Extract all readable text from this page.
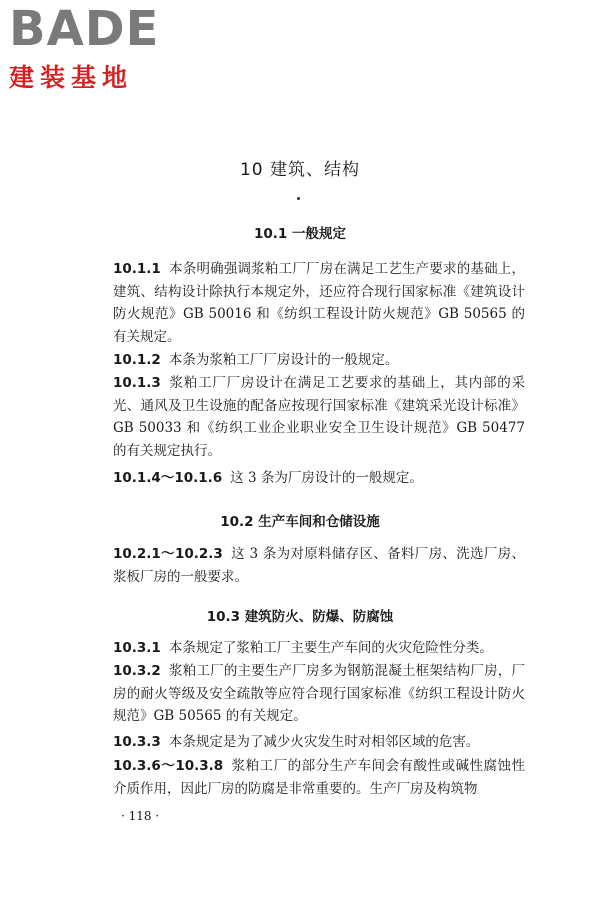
BADE
建装基地
10 建筑、结构
10.1 一般规定

10.1.1 本条明确强调浆粕工厂厂房在满足工艺生产要求的基础上，建筑、结构设计除执行本规定外，还应符合现行国家标准《建筑设计防火规范》GB 50016 和《纺织工程设计防火规范》GB 50565 的有关规定。

10.1.2 本条为浆粕工厂厂房设计的一般规定。

10.1.3 浆粕工厂厂房设计在满足工艺要求的基础上，其内部的采光、通风及卫生设施的配备应按现行国家标准《建筑采光设计标准》GB 50033 和《纺织工业企业职业安全卫生设计规范》GB 50477 的有关规定执行。

10.1.4～10.1.6 这 3 条为厂房设计的一般规定。

10.2 生产车间和仓储设施

10.2.1～10.2.3 这 3 条为对原料储存区、备料厂房、洗选厂房、浆板厂房的一般要求。

10.3 建筑防火、防爆、防腐蚀

10.3.1 本条规定了浆粕工厂主要生产车间的火灾危险性分类。

10.3.2 浆粕工厂的主要生产厂房多为钢筋混凝土框架结构厂房，厂房的耐火等级及安全疏散等应符合现行国家标准《纺织工程设计防火规范》GB 50565 的有关规定。

10.3.3 本条规定是为了减少火灾发生时对相邻区域的危害。

10.3.6～10.3.8 浆粕工厂的部分生产车间会有酸性或碱性腐蚀性介质作用，因此厂房的防腐是非常重要的。生产厂房及构筑物

· 118 ·
